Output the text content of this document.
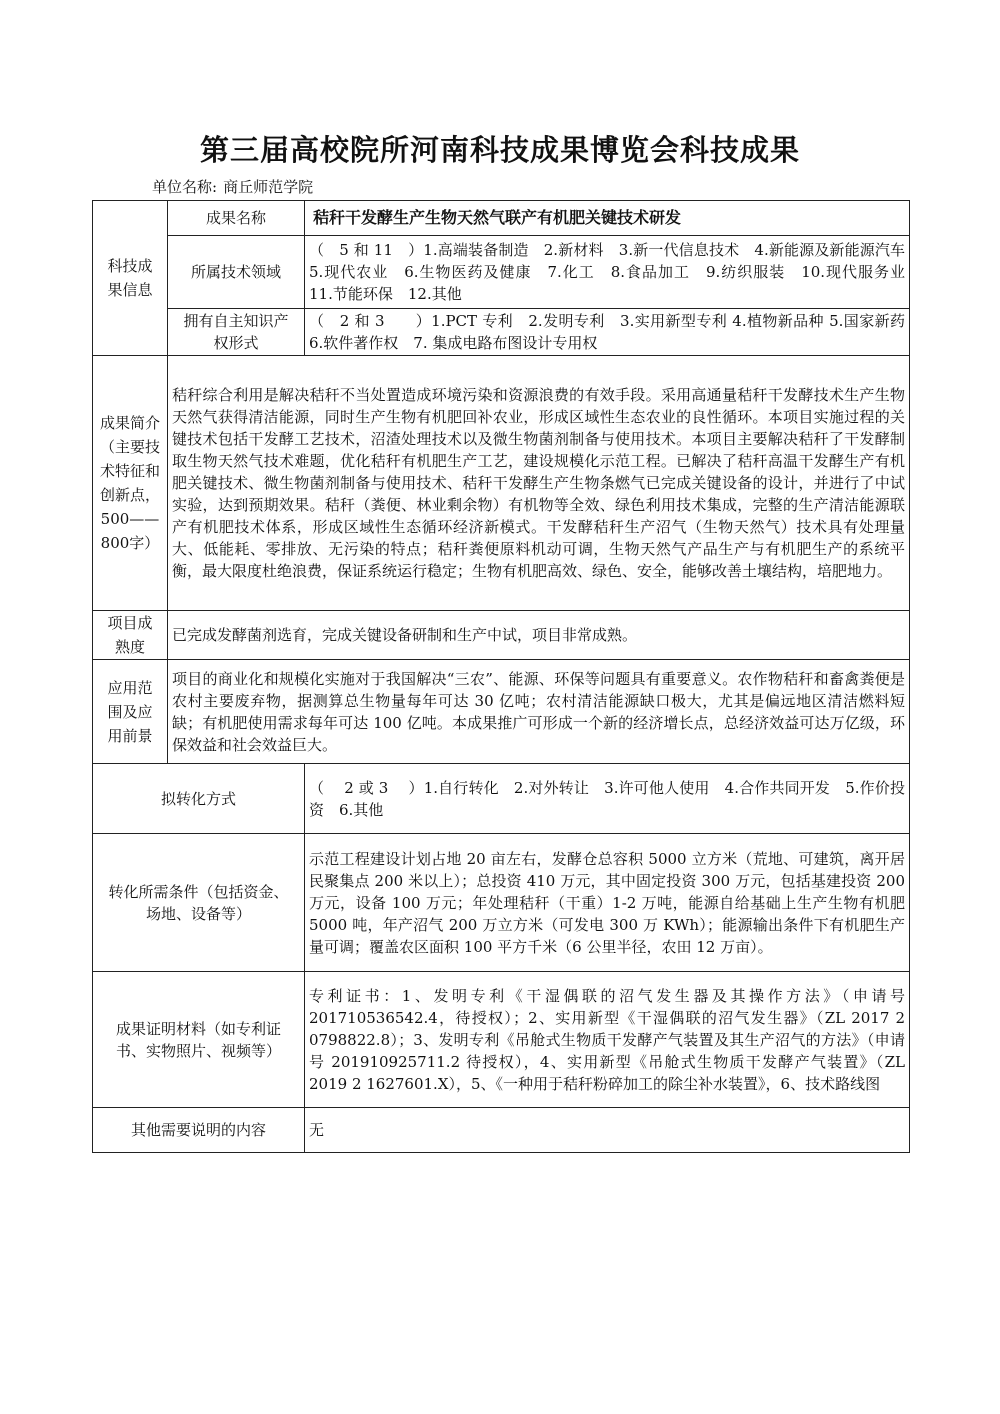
第三届高校院所河南科技成果博览会科技成果
单位名称: 商丘师范学院
科技成果信息	成果名称	秸秆干发酵生产生物天然气联产有机肥关键技术研发
	所属技术领域	（　5 和 11　）1.高端装备制造　2.新材料　3.新一代信息技术　4.新能源及新能源汽车　5.现代农业　6.生物医药及健康　7.化工　8.食品加工　9.纺织服装　10.现代服务业　11.节能环保　12.其他
	拥有自主知识产权形式	（　2 和 3　　）1.PCT 专利　2.发明专利　3.实用新型专利 4.植物新品种 5.国家新药　6.软件著作权　7. 集成电路布图设计专用权
成果简介（主要技术特征和创新点，500——800字）	秸秆综合利用是解决秸秆不当处置造成环境污染和资源浪费的有效手段。采用高通量秸秆干发酵技术生产生物天然气获得清洁能源，同时生产生物有机肥回补农业，形成区域性生态农业的良性循环。本项目实施过程的关键技术包括干发酵工艺技术，沼渣处理技术以及微生物菌剂制备与使用技术。本项目主要解决秸秆了干发酵制取生物天然气技术难题，优化秸秆有机肥生产工艺，建设规模化示范工程。已解决了秸秆高温干发酵生产有机肥关键技术、微生物菌剂制备与使用技术、秸秆干发酵生产生物条燃气已完成关键设备的设计，并进行了中试实验，达到预期效果。秸秆（粪便、林业剩余物）有机物等全效、绿色利用技术集成，完整的生产清洁能源联产有机肥技术体系，形成区域性生态循环经济新模式。干发酵秸秆生产沼气（生物天然气）技术具有处理量大、低能耗、零排放、无污染的特点；秸秆粪便原料机动可调，生物天然气产品生产与有机肥生产的系统平衡，最大限度杜绝浪费，保证系统运行稳定；生物有机肥高效、绿色、安全，能够改善土壤结构，培肥地力。	
项目成熟度	已完成发酵菌剂选育，完成关键设备研制和生产中试，项目非常成熟。	
应用范围及应用前景	项目的商业化和规模化实施对于我国解决“三农”、能源、环保等问题具有重要意义。农作物秸秆和畜禽粪便是农村主要废弃物，据测算总生物量每年可达 30 亿吨；农村清洁能源缺口极大，尤其是偏远地区清洁燃料短缺；有机肥使用需求每年可达 100 亿吨。本成果推广可形成一个新的经济增长点，总经济效益可达万亿级，环保效益和社会效益巨大。	
拟转化方式		（　 2 或 3　 ）1.自行转化　2.对外转让　3.许可他人使用　4.合作共同开发　5.作价投资　6.其他
转化所需条件（包括资金、场地、设备等）		示范工程建设计划占地 20 亩左右，发酵仓总容积 5000 立方米（荒地、可建筑，离开居民聚集点 200 米以上）；总投资 410 万元，其中固定投资 300 万元，包括基建投资 200 万元，设备 100 万元；年处理秸秆（干重）1-2 万吨，能源自给基础上生产生物有机肥 5000 吨，年产沼气 200 万立方米（可发电 300 万 KWh）；能源输出条件下有机肥生产量可调；覆盖农区面积 100 平方千米（6 公里半径，农田 12 万亩）。
成果证明材料（如专利证书、实物照片、视频等）		专利证书：1、发明专利《干湿偶联的沼气发生器及其操作方法》（申请号 201710536542.4，待授权）；2、实用新型《干湿偶联的沼气发生器》（ZL 2017 2 0798822.8）；3、发明专利《吊舱式生物质干发酵产气装置及其生产沼气的方法》（申请号 201910925711.2 待授权），4、实用新型《吊舱式生物质干发酵产气装置》（ZL 2019 2 1627601.X），5、《一种用于秸秆粉碎加工的除尘补水装置》，6、技术路线图
其他需要说明的内容		无
